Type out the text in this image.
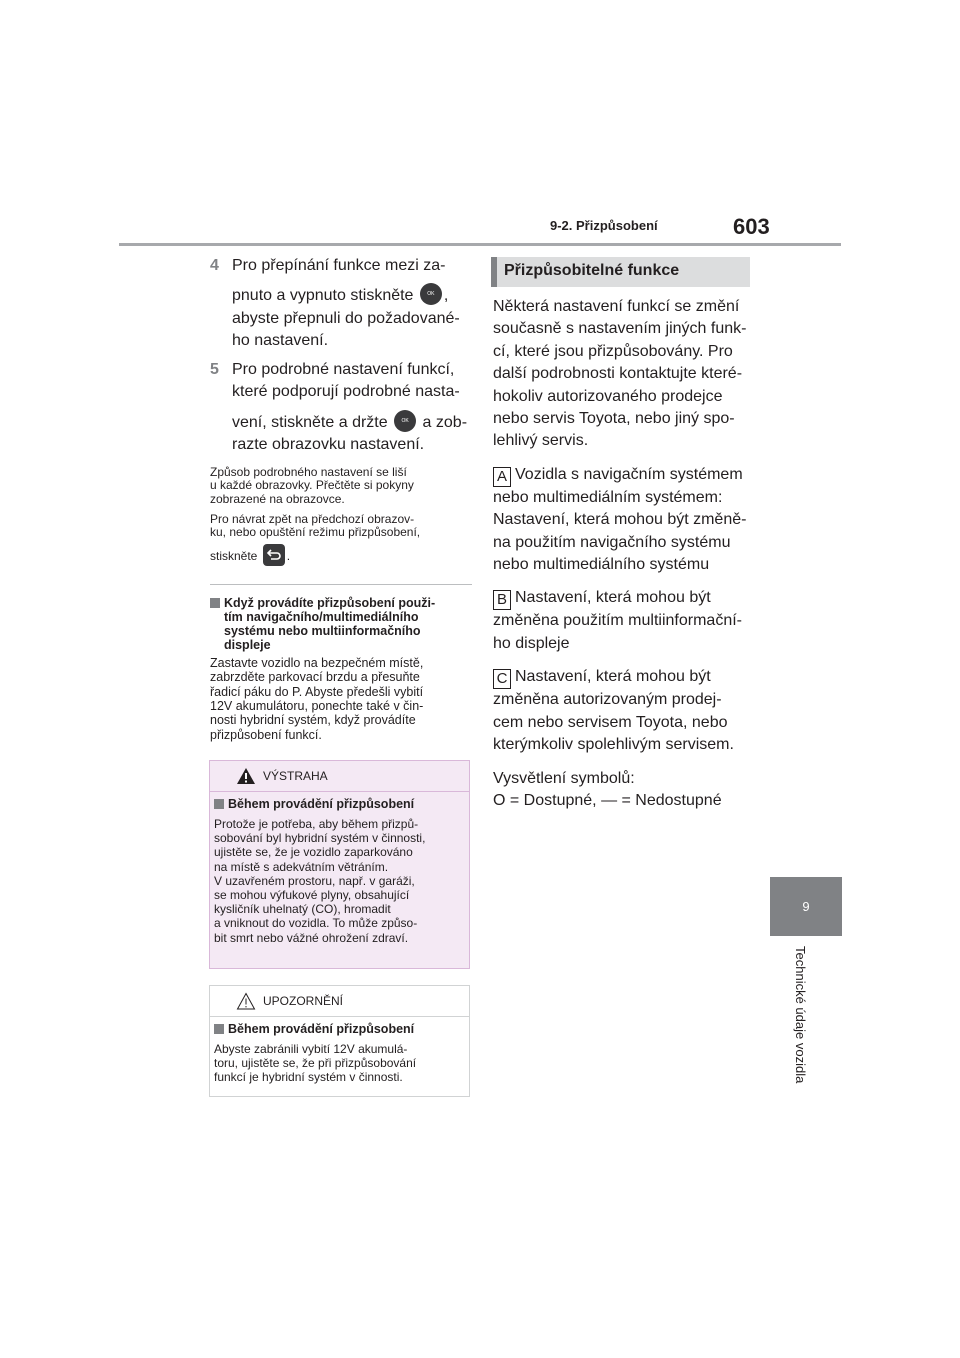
9-2. Přizpůsobení	603
9
Technické údaje vozidla
4 Pro přepínání funkce mezi za-
pnuto a vypnuto stiskněte	OK ,
abyste přepnuli do požadované-
ho nastavení.
5 Pro podrobné nastavení funkcí,
které podporují podrobné nasta-
vení, stiskněte a držte	OK a zob-
razte obrazovku nastavení.
Způsob podrobného nastavení se liší
u každé obrazovky. Přečtěte si pokyny
zobrazené na obrazovce.
Pro návrat zpět na předchozí obrazov-
ku, nebo opuštění režimu přizpůsobení,
stiskněte .
Když provádíte přizpůsobení použi-
tím navigačního/multimediálního
systému nebo multiinformačního
displeje
Zastavte vozidlo na bezpečném místě,
zabrzděte parkovací brzdu a přesuňte
řadicí páku do P. Abyste předešli vybití
12V akumulátoru, ponechte také v čin-
nosti hybridní systém, když provádíte
přizpůsobení funkcí.
VÝSTRAHA
Během provádění přizpůsobení
Protože je potřeba, aby během přizpů-
sobování byl hybridní systém v činnosti,
ujistěte se, že je vozidlo zaparkováno
na místě s adekvátním větráním.
V uzavřeném prostoru, např. v garáži,
se mohou výfukové plyny, obsahující
kysličník uhelnatý (CO), hromadit
a vniknout do vozidla. To může způso-
bit smrt nebo vážné ohrožení zdraví.
UPOZORNĚNÍ
Během provádění přizpůsobení
Abyste zabránili vybití 12V akumulá-
toru, ujistěte se, že při přizpůsobování
funkcí je hybridní systém v činnosti.
Přizpůsobitelné funkce
Některá nastavení funkcí se změní
současně s nastavením jiných funk-
cí, které jsou přizpůsobovány. Pro
další podrobnosti kontaktujte které-
hokoliv autorizovaného prodejce
nebo servis Toyota, nebo jiný spo-
lehlivý servis.
A Vozidla s navigačním systémem
nebo multimediálním systémem:
Nastavení, která mohou být změně-
na použitím navigačního systému
nebo multimediálního systému
B Nastavení, která mohou být
změněna použitím multiinformační-
ho displeje
C Nastavení, která mohou být
změněna autorizovaným prodej-
cem nebo servisem Toyota, nebo
kterýmkoliv spolehlivým servisem.
Vysvětlení symbolů:
O = Dostupné, — = Nedostupné
